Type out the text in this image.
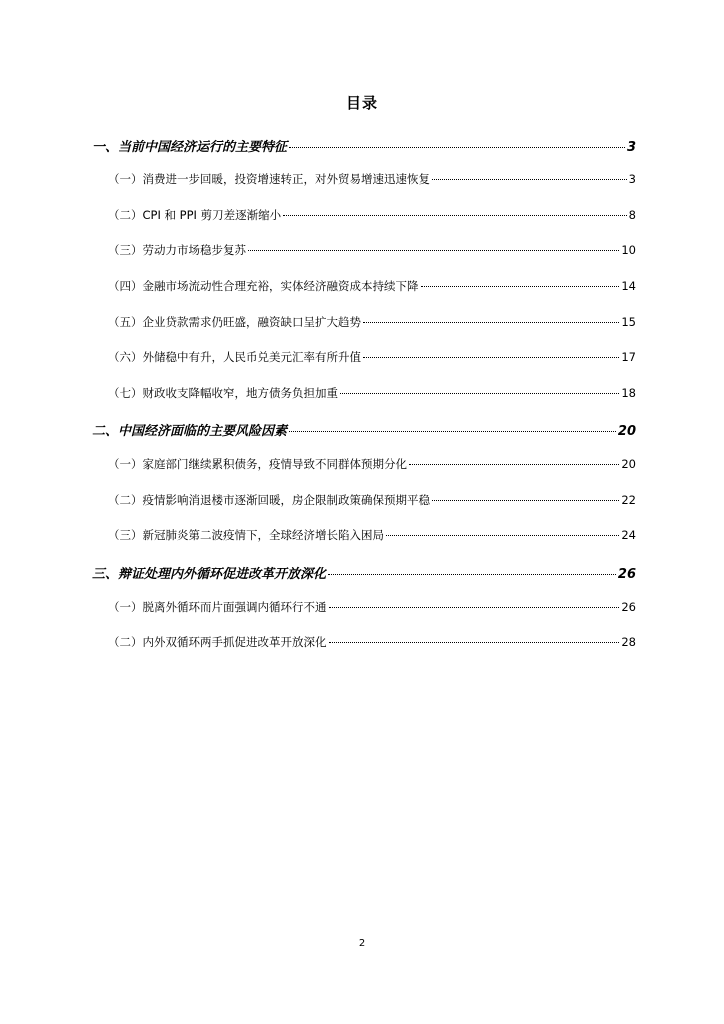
目录
一、当前中国经济运行的主要特征	3
（一）消费进一步回暖，投资增速转正，对外贸易增速迅速恢复	3
（二）CPI 和 PPI 剪刀差逐渐缩小	8
（三）劳动力市场稳步复苏	10
（四）金融市场流动性合理充裕，实体经济融资成本持续下降	14
（五）企业贷款需求仍旺盛，融资缺口呈扩大趋势	15
（六）外储稳中有升，人民币兑美元汇率有所升值	17
（七）财政收支降幅收窄，地方债务负担加重	18
二、中国经济面临的主要风险因素	20
（一）家庭部门继续累积债务，疫情导致不同群体预期分化	20
（二）疫情影响消退楼市逐渐回暖，房企限制政策确保预期平稳	22
（三）新冠肺炎第二波疫情下，全球经济增长陷入困局	24
三、辩证处理内外循环促进改革开放深化	26
（一）脱离外循环而片面强调内循环行不通	26
（二）内外双循环两手抓促进改革开放深化	28
2
